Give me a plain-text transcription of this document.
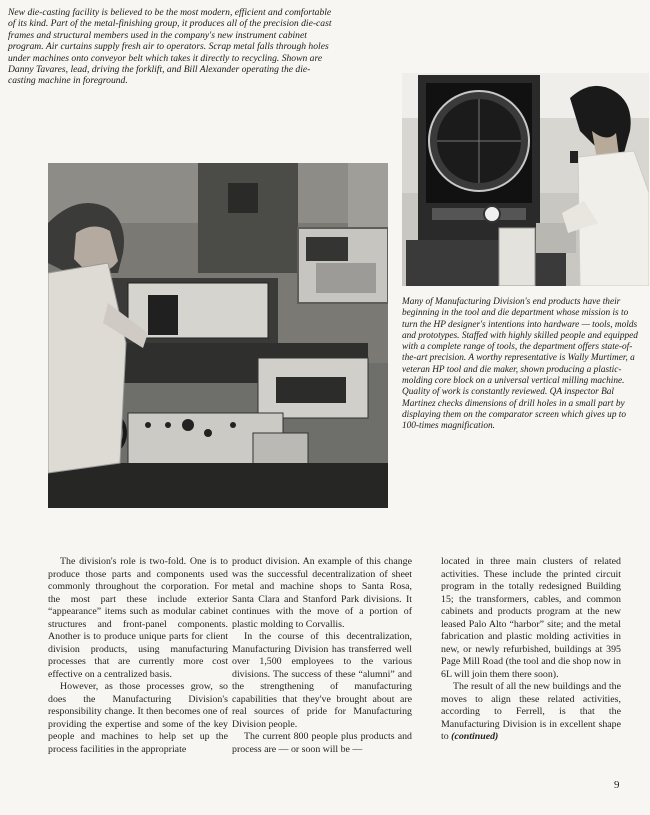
New die-casting facility is believed to be the most modern, efficient and comfortable of its kind. Part of the metal-finishing group, it produces all of the precision die-cast frames and structural members used in the company's new instrument cabinet program. Air curtains supply fresh air to operators. Scrap metal falls through holes under machines onto conveyor belt which takes it directly to recycling. Shown are Danny Tavares, lead, driving the forklift, and Bill Alexander operating the die-casting machine in foreground.

Many of Manufacturing Division's end products have their beginning in the tool and die department whose mission is to turn the HP designer's intentions into hardware — tools, molds and prototypes. Staffed with highly skilled people and equipped with a complete range of tools, the department offers state-of-the-art precision. A worthy representative is Wally Murtimer, a veteran HP tool and die maker, shown producing a plastic-molding core block on a universal vertical milling machine. Quality of work is constantly reviewed. QA inspector Bal Martinez checks dimensions of drill holes in a small part by displaying them on the comparator screen which gives up to 100-times magnification.

The division's role is two-fold. One is to produce those parts and components used commonly throughout the corporation. For the most part these include exterior “appearance” items such as modular cabinet structures and front-panel components. Another is to produce unique parts for client division products, using manufacturing processes that are currently more cost effective on a centralized basis.

However, as those processes grow, so does the Manufacturing Division's responsibility change. It then becomes one of providing the expertise and some of the key people and machines to help set up the process facilities in the appropriate

product division. An example of this change was the successful decentralization of sheet metal and machine shops to Santa Rosa, Santa Clara and Stanford Park divisions. It continues with the move of a portion of plastic molding to Corvallis.

In the course of this decentralization, Manufacturing Division has transferred well over 1,500 employees to the various divisions. The success of these “alumni” and the strengthening of manufacturing capabilities that they've brought about are real sources of pride for Manufacturing Division people.

The current 800 people plus products and process are — or soon will be —

located in three main clusters of related activities. These include the printed circuit program in the totally redesigned Building 15; the transformers, cables, and common cabinets and products program at the new leased Palo Alto “harbor” site; and the metal fabrication and plastic molding activities in new, or newly refurbished, buildings at 395 Page Mill Road (the tool and die shop now in 6L will join them there soon).

The result of all the new buildings and the moves to align these related activities, according to Ferrell, is that the Manufacturing Division is in excellent shape to (continued)

9
